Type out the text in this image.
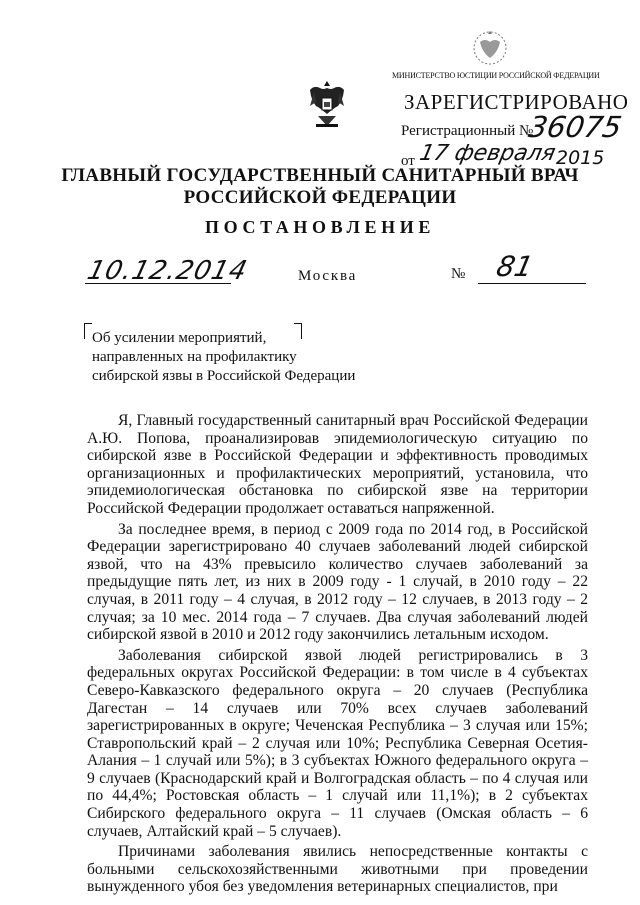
МИНИСТЕРСТВО ЮСТИЦИИ РОССИЙСКОЙ ФЕДЕРАЦИИ
ЗАРЕГИСТРИРОВАНО
Регистрационный №
36075
от 17 февраля
2015
ГЛАВНЫЙ ГОСУДАРСТВЕННЫЙ САНИТАРНЫЙ ВРАЧ
РОССИЙСКОЙ ФЕДЕРАЦИИ
ПОСТАНОВЛЕНИЕ
10.12.2014	Москва	№ 81
Об усилении мероприятий,
направленных на профилактику
сибирской язвы в Российской Федерации

Я, Главный государственный санитарный врач Российской Федерации А.Ю. Попова, проанализировав эпидемиологическую ситуацию по сибирской язве в Российской Федерации и эффективность проводимых организационных и профилактических мероприятий, установила, что эпидемиологическая обстановка по сибирской язве на территории Российской Федерации продолжает оставаться напряженной.

За последнее время, в период с 2009 года по 2014 год, в Российской Федерации зарегистрировано 40 случаев заболеваний людей сибирской язвой, что на 43% превысило количество случаев заболеваний за предыдущие пять лет, из них в 2009 году - 1 случай, в 2010 году – 22 случая, в 2011 году – 4 случая, в 2012 году – 12 случаев, в 2013 году – 2 случая; за 10 мес. 2014 года – 7 случаев. Два случая заболеваний людей сибирской язвой в 2010 и 2012 году закончились летальным исходом.

Заболевания сибирской язвой людей регистрировались в 3 федеральных округах Российской Федерации: в том числе в 4 субъектах Северо-Кавказского федерального округа – 20 случаев (Республика Дагестан – 14 случаев или 70% всех случаев заболеваний зарегистрированных в округе; Чеченская Республика – 3 случая или 15%; Ставропольский край – 2 случая или 10%; Республика Северная Осетия-Алания – 1 случай или 5%); в 3 субъектах Южного федерального округа – 9 случаев (Краснодарский край и Волгоградская область – по 4 случая или по 44,4%; Ростовская область – 1 случай или 11,1%); в 2 субъектах Сибирского федерального округа – 11 случаев (Омская область – 6 случаев, Алтайский край – 5 случаев).

Причинами заболевания явились непосредственные контакты с больными сельскохозяйственными животными при проведении вынужденного убоя без уведомления ветеринарных специалистов, при
